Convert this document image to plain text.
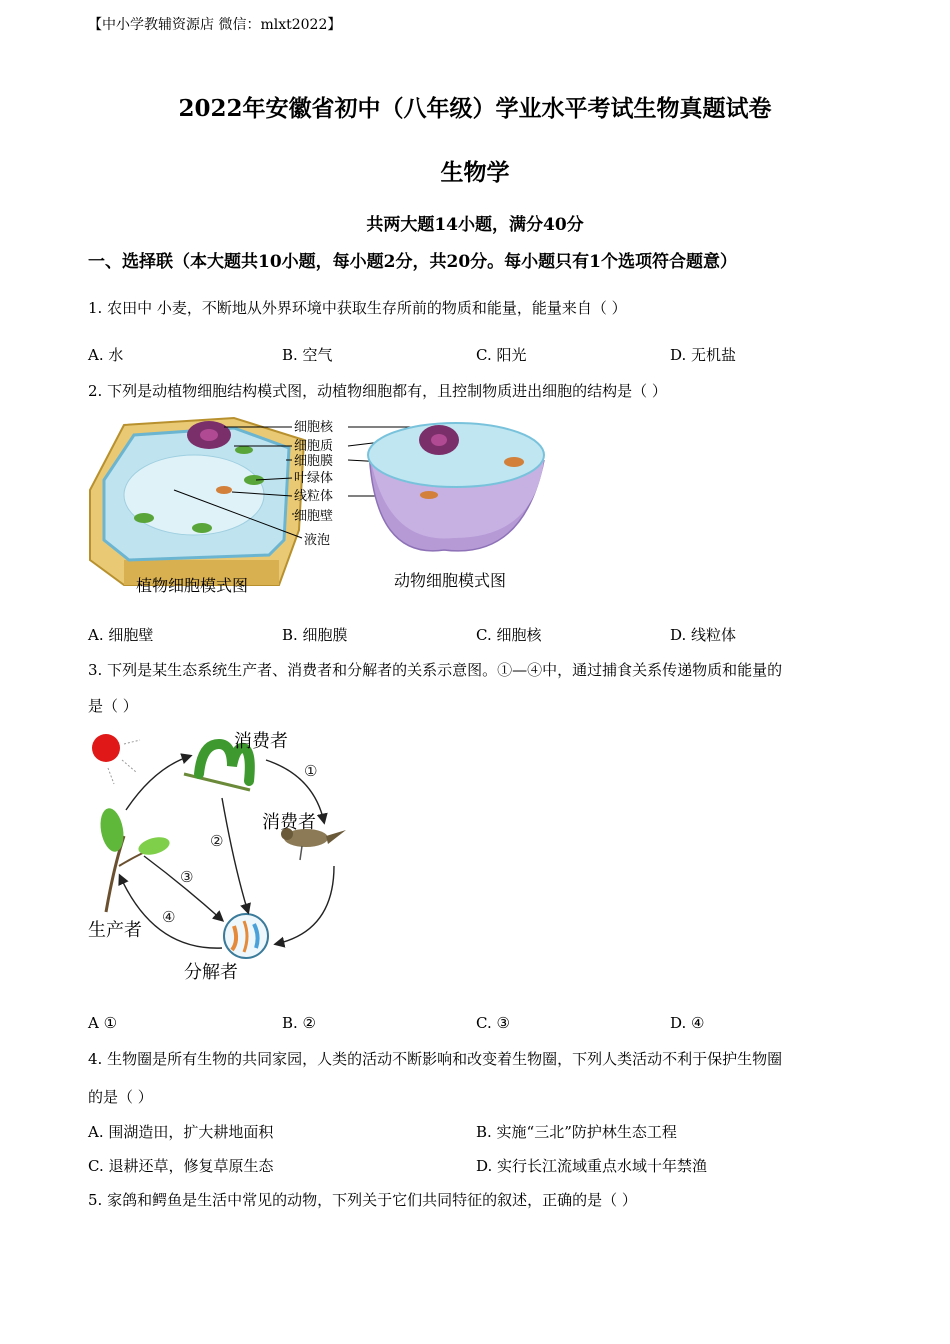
【中小学教辅资源店 微信：mlxt2022】
2022年安徽省初中（八年级）学业水平考试生物真题试卷
生物学
共两大题14小题，满分40分
一、选择联（本大题共10小题，每小题2分，共20分。每小题只有1个选项符合题意）
1. 农田中 小麦，不断地从外界环境中获取生存所前的物质和能量，能量来自（ ）
A. 水	B. 空气	C. 阳光	D. 无机盐
2. 下列是动植物细胞结构模式图，动植物细胞都有，且控制物质进出细胞的结构是（ ）
细胞核
细胞质
细胞膜
叶绿体
线粒体
细胞壁
液泡
植物细胞模式图	动物细胞模式图
A. 细胞壁	B. 细胞膜	C. 细胞核	D. 线粒体
3. 下列是某生态系统生产者、消费者和分解者的关系示意图。①—④中，通过捕食关系传递物质和能量的
是（ ）
消费者
消费者
生产者
分解者
①
②
③
④
A ①	B. ②	C. ③	D. ④
4. 生物圈是所有生物的共同家园，人类的活动不断影响和改变着生物圈，下列人类活动不利于保护生物圈
的是（ ）
A. 围湖造田，扩大耕地面积	B. 实施“三北”防护林生态工程
C. 退耕还草，修复草原生态	D. 实行长江流域重点水域十年禁渔
5. 家鸽和鳄鱼是生活中常见的动物，下列关于它们共同特征的叙述，正确的是（ ）
